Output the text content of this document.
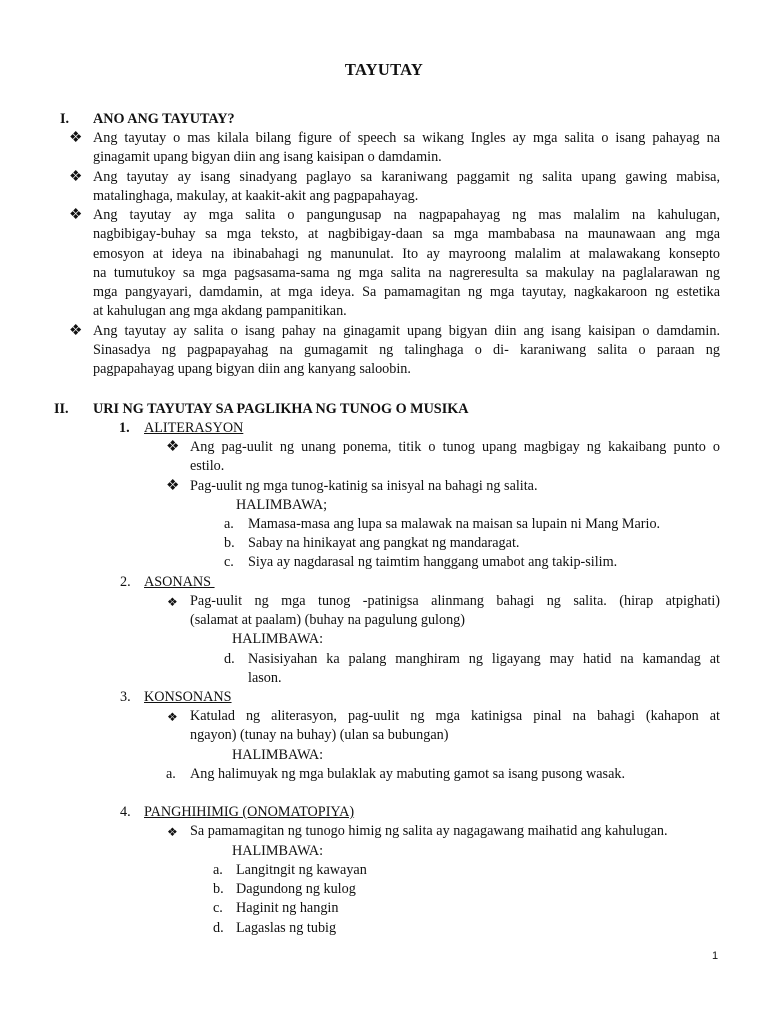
TAYUTAY
I. ANO ANG TAYUTAY?
❖ Ang tayutay o mas kilala bilang figure of speech sa wikang Ingles ay mga salita o isang pahayag na
ginagamit upang bigyan diin ang isang kaisipan o damdamin.
❖ Ang tayutay ay isang sinadyang paglayo sa karaniwang paggamit ng salita upang gawing mabisa,
matalinghaga, makulay, at kaakit-akit ang pagpapahayag.
❖ Ang tayutay ay mga salita o pangungusap na nagpapahayag ng mas malalim na kahulugan,
nagbibigay-buhay sa mga teksto, at nagbibigay-daan sa mga mambabasa na maunawaan ang mga
emosyon at ideya na ibinabahagi ng manunulat. Ito ay mayroong malalim at malawakang konsepto
na tumutukoy sa mga pagsasama-sama ng mga salita na nagreresulta sa makulay na paglalarawan ng
mga pangyayari, damdamin, at mga ideya. Sa pamamagitan ng mga tayutay, nagkakaroon ng estetika
at kahulugan ang mga akdang pampanitikan.
❖ Ang tayutay ay salita o isang pahay na ginagamit upang bigyan diin ang isang kaisipan o damdamin.
Sinasadya ng pagpapayahag na gumagamit ng talinghaga o di- karaniwang salita o paraan ng
pagpapahayag upang bigyan diin ang kanyang saloobin.
II. URI NG TAYUTAY SA PAGLIKHA NG TUNOG O MUSIKA
1. ALITERASYON
❖ Ang pag-uulit ng unang ponema, titik o tunog upang magbigay ng kakaibang punto o
estilo.
❖ Pag-uulit ng mga tunog-katinig sa inisyal na bahagi ng salita.
HALIMBAWA;
a. Mamasa-masa ang lupa sa malawak na maisan sa lupain ni Mang Mario.
b. Sabay na hinikayat ang pangkat ng mandaragat.
c. Siya ay nagdarasal ng taimtim hanggang umabot ang takip-silim.
2. ASONANS
❖ Pag-uulit ng mga tunog -patinigsa alinmang bahagi ng salita. (hirap atpighati)
(salamat at paalam) (buhay na pagulung gulong)
HALIMBAWA:
d. Nasisiyahan ka palang manghiram ng ligayang may hatid na kamandag at
lason.
3. KONSONANS
❖ Katulad ng aliterasyon, pag-uulit ng mga katinigsa pinal na bahagi (kahapon at
ngayon) (tunay na buhay) (ulan sa bubungan)
HALIMBAWA:
a. Ang halimuyak ng mga bulaklak ay mabuting gamot sa isang pusong wasak.
4. PANGHIHIMIG (ONOMATOPIYA)
❖ Sa pamamagitan ng tunogo himig ng salita ay nagagawang maihatid ang kahulugan.
HALIMBAWA:
a. Langitngit ng kawayan
b. Dagundong ng kulog
c. Haginit ng hangin
d. Lagaslas ng tubig
1
